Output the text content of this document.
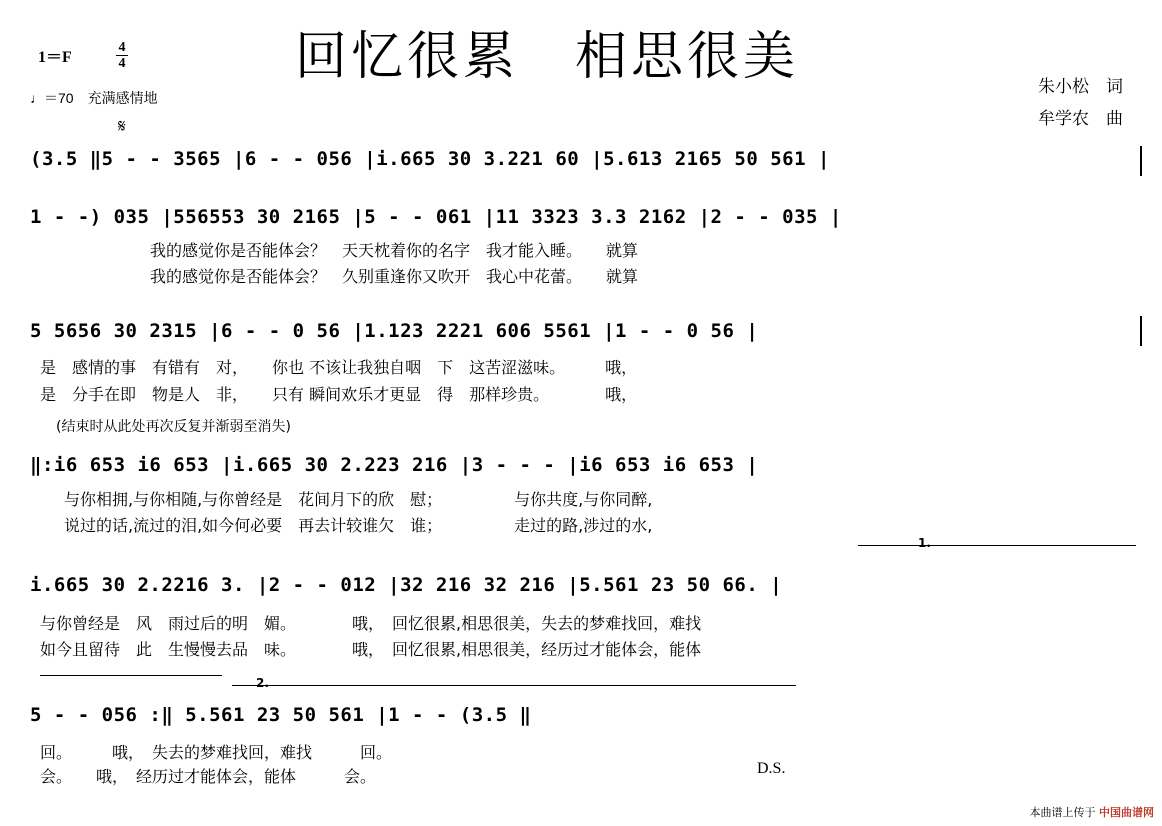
回忆很累　相思很美
1＝F
4
4
♩＝70　充满感情地
𝄋
朱小松　词
牟学农　曲
(3.5 ‖5 - - 3565 |6 - - 056 |i.665 30 3.221 60 |5.613 2165 50 561 |
1 - -) 035 |556553 30 2165 |5 - - 061 |11 3323 3.3 2162 |2 - - 035 |
我的感觉你是否能体会？　天天枕着你的名字　我才能入睡。　　就算
我的感觉你是否能体会？　久别重逢你又吹开　我心中花蕾。　　就算
5 5656 30 2315 |6 - - 0 56 |1.123 2221 606 5561 |1 - - 0 56 |
是　感情的事　有错有　对，　　你也 不该让我独自咽　下　这苦涩滋味。　　　哦，
是　分手在即　物是人　非，　　只有 瞬间欢乐才更显　得　那样珍贵。　　　　哦，
(结束时从此处再次反复并渐弱至消失)
‖:i6 653 i6 653 |i.665 30 2.223 216 |3 - - - |i6 653 i6 653 |
与你相拥,与你相随,与你曾经是　花间月下的欣　慰；　　　　　与你共度,与你同醉,
说过的话,流过的泪,如今何必要　再去计较谁欠　谁；　　　　　走过的路,涉过的水,
1.
i.665 30 2.2216 3. |2 - - 012 |32 216 32 216 |5.561 23 50 66. |
与你曾经是　风　雨过后的明　媚。　　　　哦，　回忆很累,相思很美，失去的梦难找回，难找
如今且留待　此　生慢慢去品　味。　　　　哦，　回忆很累,相思很美，经历过才能体会，能体
2.
5 - - 056 :‖ 5.561 23 50 561 |1 - - (3.5 ‖
回。　　　哦，　失去的梦难找回，难找　　　回。
会。　　哦，　经历过才能体会，能体　　　会。	D.S.
本曲谱上传于 中国曲谱网
